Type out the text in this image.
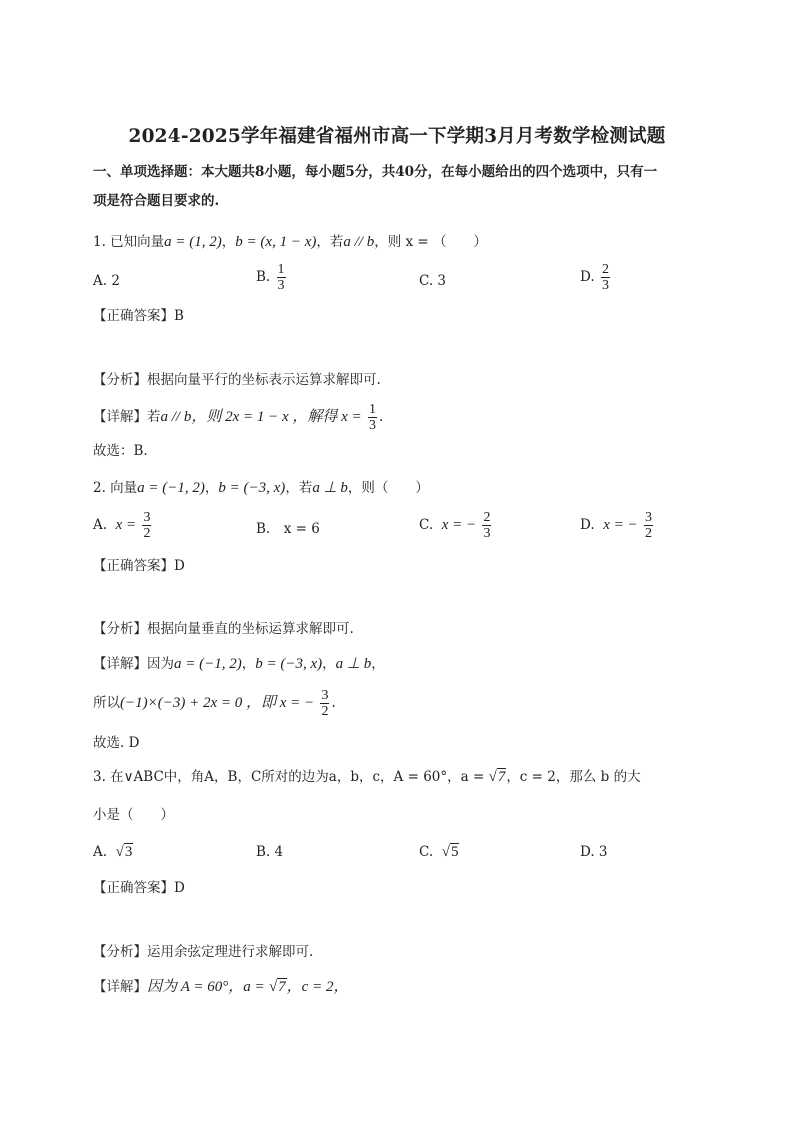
2024-2025学年福建省福州市高一下学期3月月考数学检测试题
一、单项选择题：本大题共8小题，每小题5分，共40分，在每小题给出的四个选项中，只有一
项是符合题目要求的.
1. 已知向量a = (1, 2)，b = (x, 1 − x)，若a // b，则 x = （　　）
A. 2	B. $\frac{1}{3}$	C. 3	D. $\frac{2}{3}$
【正确答案】B
【分析】根据向量平行的坐标表示运算求解即可.
【详解】若a // b，则 2x = 1 − x ，解得 $x = \frac{1}{3}$ .
故选：B.
2. 向量a = (−1, 2)，b = (−3, x)，若a ⊥ b，则（　　）
A. $x = \frac{3}{2}$	B.　x = 6	C. x = − $\frac{2}{3}$	D. x = − $\frac{3}{2}$
【正确答案】D
【分析】根据向量垂直的坐标运算求解即可.
【详解】因为a = (−1, 2)，b = (−3, x)，a ⊥ b，
所以(−1)×(−3) + 2x = 0 ，即 x = − $\frac{3}{2}$ .
故选. D
3. 在∨ABC中，角A，B，C所对的边为a，b，c，A = 60°，a = √7，c = 2，那么 b 的大
小是（　　）
A. √3	B. 4	C. √5	D. 3
【正确答案】D
【分析】运用余弦定理进行求解即可.
【详解】因为 A = 60°，a = √7，c = 2，
